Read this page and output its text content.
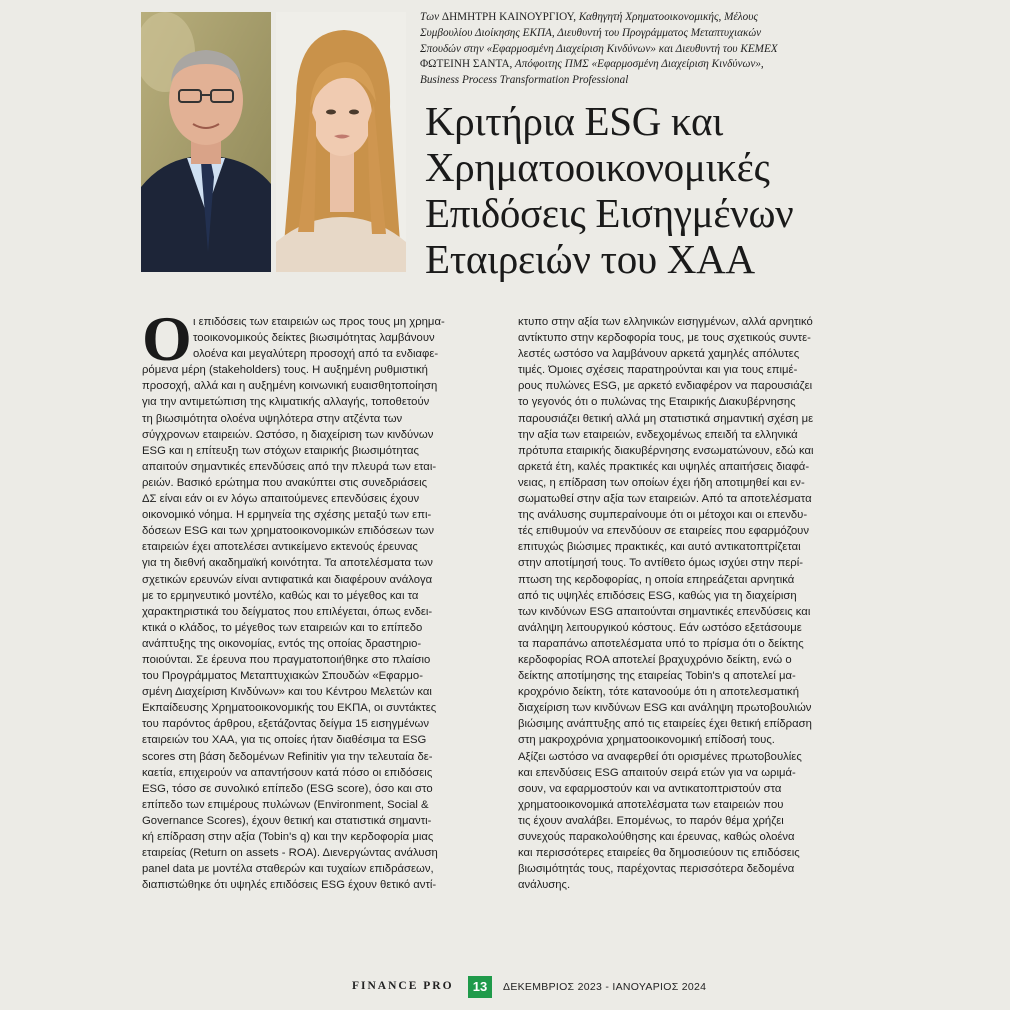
Των ΔΗΜΗΤΡΗ ΚΑΙΝΟΥΡΓΙΟΥ, Καθηγητή Χρηματοοικονομικής, Μέλους
Συμβουλίου Διοίκησης ΕΚΠΑ, Διευθυντή του Προγράμματος Μεταπτυχιακών
Σπουδών στην «Εφαρμοσμένη Διαχείριση Κινδύνων» και Διευθυντή του ΚΕΜΕΧ
ΦΩΤΕΙΝΗ ΣΑΝΤΑ, Απόφοιτης ΠΜΣ «Εφαρμοσμένη Διαχείριση Κινδύνων»,
Business Process Transformation Professional
Κριτήρια ESG και
Χρηματοοικονομικές
Επιδόσεις Εισηγμένων
Εταιρειών του ΧΑΑ
Ο ι επιδόσεις των εταιρειών ως προς τους μη χρημα-
τοοικονομικούς δείκτες βιωσιμότητας λαμβάνουν
ολοένα και μεγαλύτερη προσοχή από τα ενδιαφε-
ρόμενα μέρη (stakeholders) τους. Η αυξημένη ρυθμιστική
προσοχή, αλλά και η αυξημένη κοινωνική ευαισθητοποίηση
για την αντιμετώπιση της κλιματικής αλλαγής, τοποθετούν
τη βιωσιμότητα ολοένα υψηλότερα στην ατζέντα των
σύγχρονων εταιρειών. Ωστόσο, η διαχείριση των κινδύνων
ESG και η επίτευξη των στόχων εταιρικής βιωσιμότητας
απαιτούν σημαντικές επενδύσεις από την πλευρά των εται-
ρειών. Βασικό ερώτημα που ανακύπτει στις συνεδριάσεις
ΔΣ είναι εάν οι εν λόγω απαιτούμενες επενδύσεις έχουν
οικονομικό νόημα. Η ερμηνεία της σχέσης μεταξύ των επι-
δόσεων ESG και των χρηματοοικονομικών επιδόσεων των
εταιρειών έχει αποτελέσει αντικείμενο εκτενούς έρευνας
για τη διεθνή ακαδημαϊκή κοινότητα. Τα αποτελέσματα των
σχετικών ερευνών είναι αντιφατικά και διαφέρουν ανάλογα
με το ερμηνευτικό μοντέλο, καθώς και το μέγεθος και τα
χαρακτηριστικά του δείγματος που επιλέγεται, όπως ενδει-
κτικά ο κλάδος, το μέγεθος των εταιρειών και το επίπεδο
ανάπτυξης της οικονομίας, εντός της οποίας δραστηριο-
ποιούνται. Σε έρευνα που πραγματοποιήθηκε στο πλαίσιο
του Προγράμματος Μεταπτυχιακών Σπουδών «Εφαρμο-
σμένη Διαχείριση Κινδύνων» και του Κέντρου Μελετών και
Εκπαίδευσης Χρηματοοικονομικής του ΕΚΠΑ, οι συντάκτες
του παρόντος άρθρου, εξετάζοντας δείγμα 15 εισηγμένων
εταιρειών του ΧΑΑ, για τις οποίες ήταν διαθέσιμα τα ESG
scores στη βάση δεδομένων Refinitiv για την τελευταία δε-
καετία, επιχειρούν να απαντήσουν κατά πόσο οι επιδόσεις
ESG, τόσο σε συνολικό επίπεδο (ESG score), όσο και στο
επίπεδο των επιμέρους πυλώνων (Environment, Social &
Governance Scores), έχουν θετική και στατιστικά σημαντι-
κή επίδραση στην αξία (Tobin's q) και την κερδοφορία μιας
εταιρείας (Return on assets - ROA). Διενεργώντας ανάλυση
panel data με μοντέλα σταθερών και τυχαίων επιδράσεων,
διαπιστώθηκε ότι υψηλές επιδόσεις ESG έχουν θετικό αντί-
κτυπο στην αξία των ελληνικών εισηγμένων, αλλά αρνητικό
αντίκτυπο στην κερδοφορία τους, με τους σχετικούς συντε-
λεστές ωστόσο να λαμβάνουν αρκετά χαμηλές απόλυτες
τιμές. Όμοιες σχέσεις παρατηρούνται και για τους επιμέ-
ρους πυλώνες ESG, με αρκετό ενδιαφέρον να παρουσιάζει
το γεγονός ότι ο πυλώνας της Εταιρικής Διακυβέρνησης
παρουσιάζει θετική αλλά μη στατιστικά σημαντική σχέση με
την αξία των εταιρειών, ενδεχομένως επειδή τα ελληνικά
πρότυπα εταιρικής διακυβέρνησης ενσωματώνουν, εδώ και
αρκετά έτη, καλές πρακτικές και υψηλές απαιτήσεις διαφά-
νειας, η επίδραση των οποίων έχει ήδη αποτιμηθεί και εν-
σωματωθεί στην αξία των εταιρειών. Από τα αποτελέσματα
της ανάλυσης συμπεραίνουμε ότι οι μέτοχοι και οι επενδυ-
τές επιθυμούν να επενδύουν σε εταιρείες που εφαρμόζουν
επιτυχώς βιώσιμες πρακτικές, και αυτό αντικατοπτρίζεται
στην αποτίμησή τους. Το αντίθετο όμως ισχύει στην περί-
πτωση της κερδοφορίας, η οποία επηρεάζεται αρνητικά
από τις υψηλές επιδόσεις ESG, καθώς για τη διαχείριση
των κινδύνων ESG απαιτούνται σημαντικές επενδύσεις και
ανάληψη λειτουργικού κόστους. Εάν ωστόσο εξετάσουμε
τα παραπάνω αποτελέσματα υπό το πρίσμα ότι ο δείκτης
κερδοφορίας ROA αποτελεί βραχυχρόνιο δείκτη, ενώ ο
δείκτης αποτίμησης της εταιρείας Tobin's q αποτελεί μα-
κροχρόνιο δείκτη, τότε κατανοούμε ότι η αποτελεσματική
διαχείριση των κινδύνων ESG και ανάληψη πρωτοβουλιών
βιώσιμης ανάπτυξης από τις εταιρείες έχει θετική επίδραση
στη μακροχρόνια χρηματοοικονομική επίδοσή τους.
Αξίζει ωστόσο να αναφερθεί ότι ορισμένες πρωτοβουλίες
και επενδύσεις ESG απαιτούν σειρά ετών για να ωριμά-
σουν, να εφαρμοστούν και να αντικατοπτριστούν στα
χρηματοοικονομικά αποτελέσματα των εταιρειών που
τις έχουν αναλάβει. Επομένως, το παρόν θέμα χρήζει
συνεχούς παρακολούθησης και έρευνας, καθώς ολοένα
και περισσότερες εταιρείες θα δημοσιεύουν τις επιδόσεις
βιωσιμότητάς τους, παρέχοντας περισσότερα δεδομένα
ανάλυσης.
FINANCE PRO	13	ΔΕΚΕΜΒΡΙΟΣ 2023 - ΙΑΝΟΥΑΡΙΟΣ 2024
